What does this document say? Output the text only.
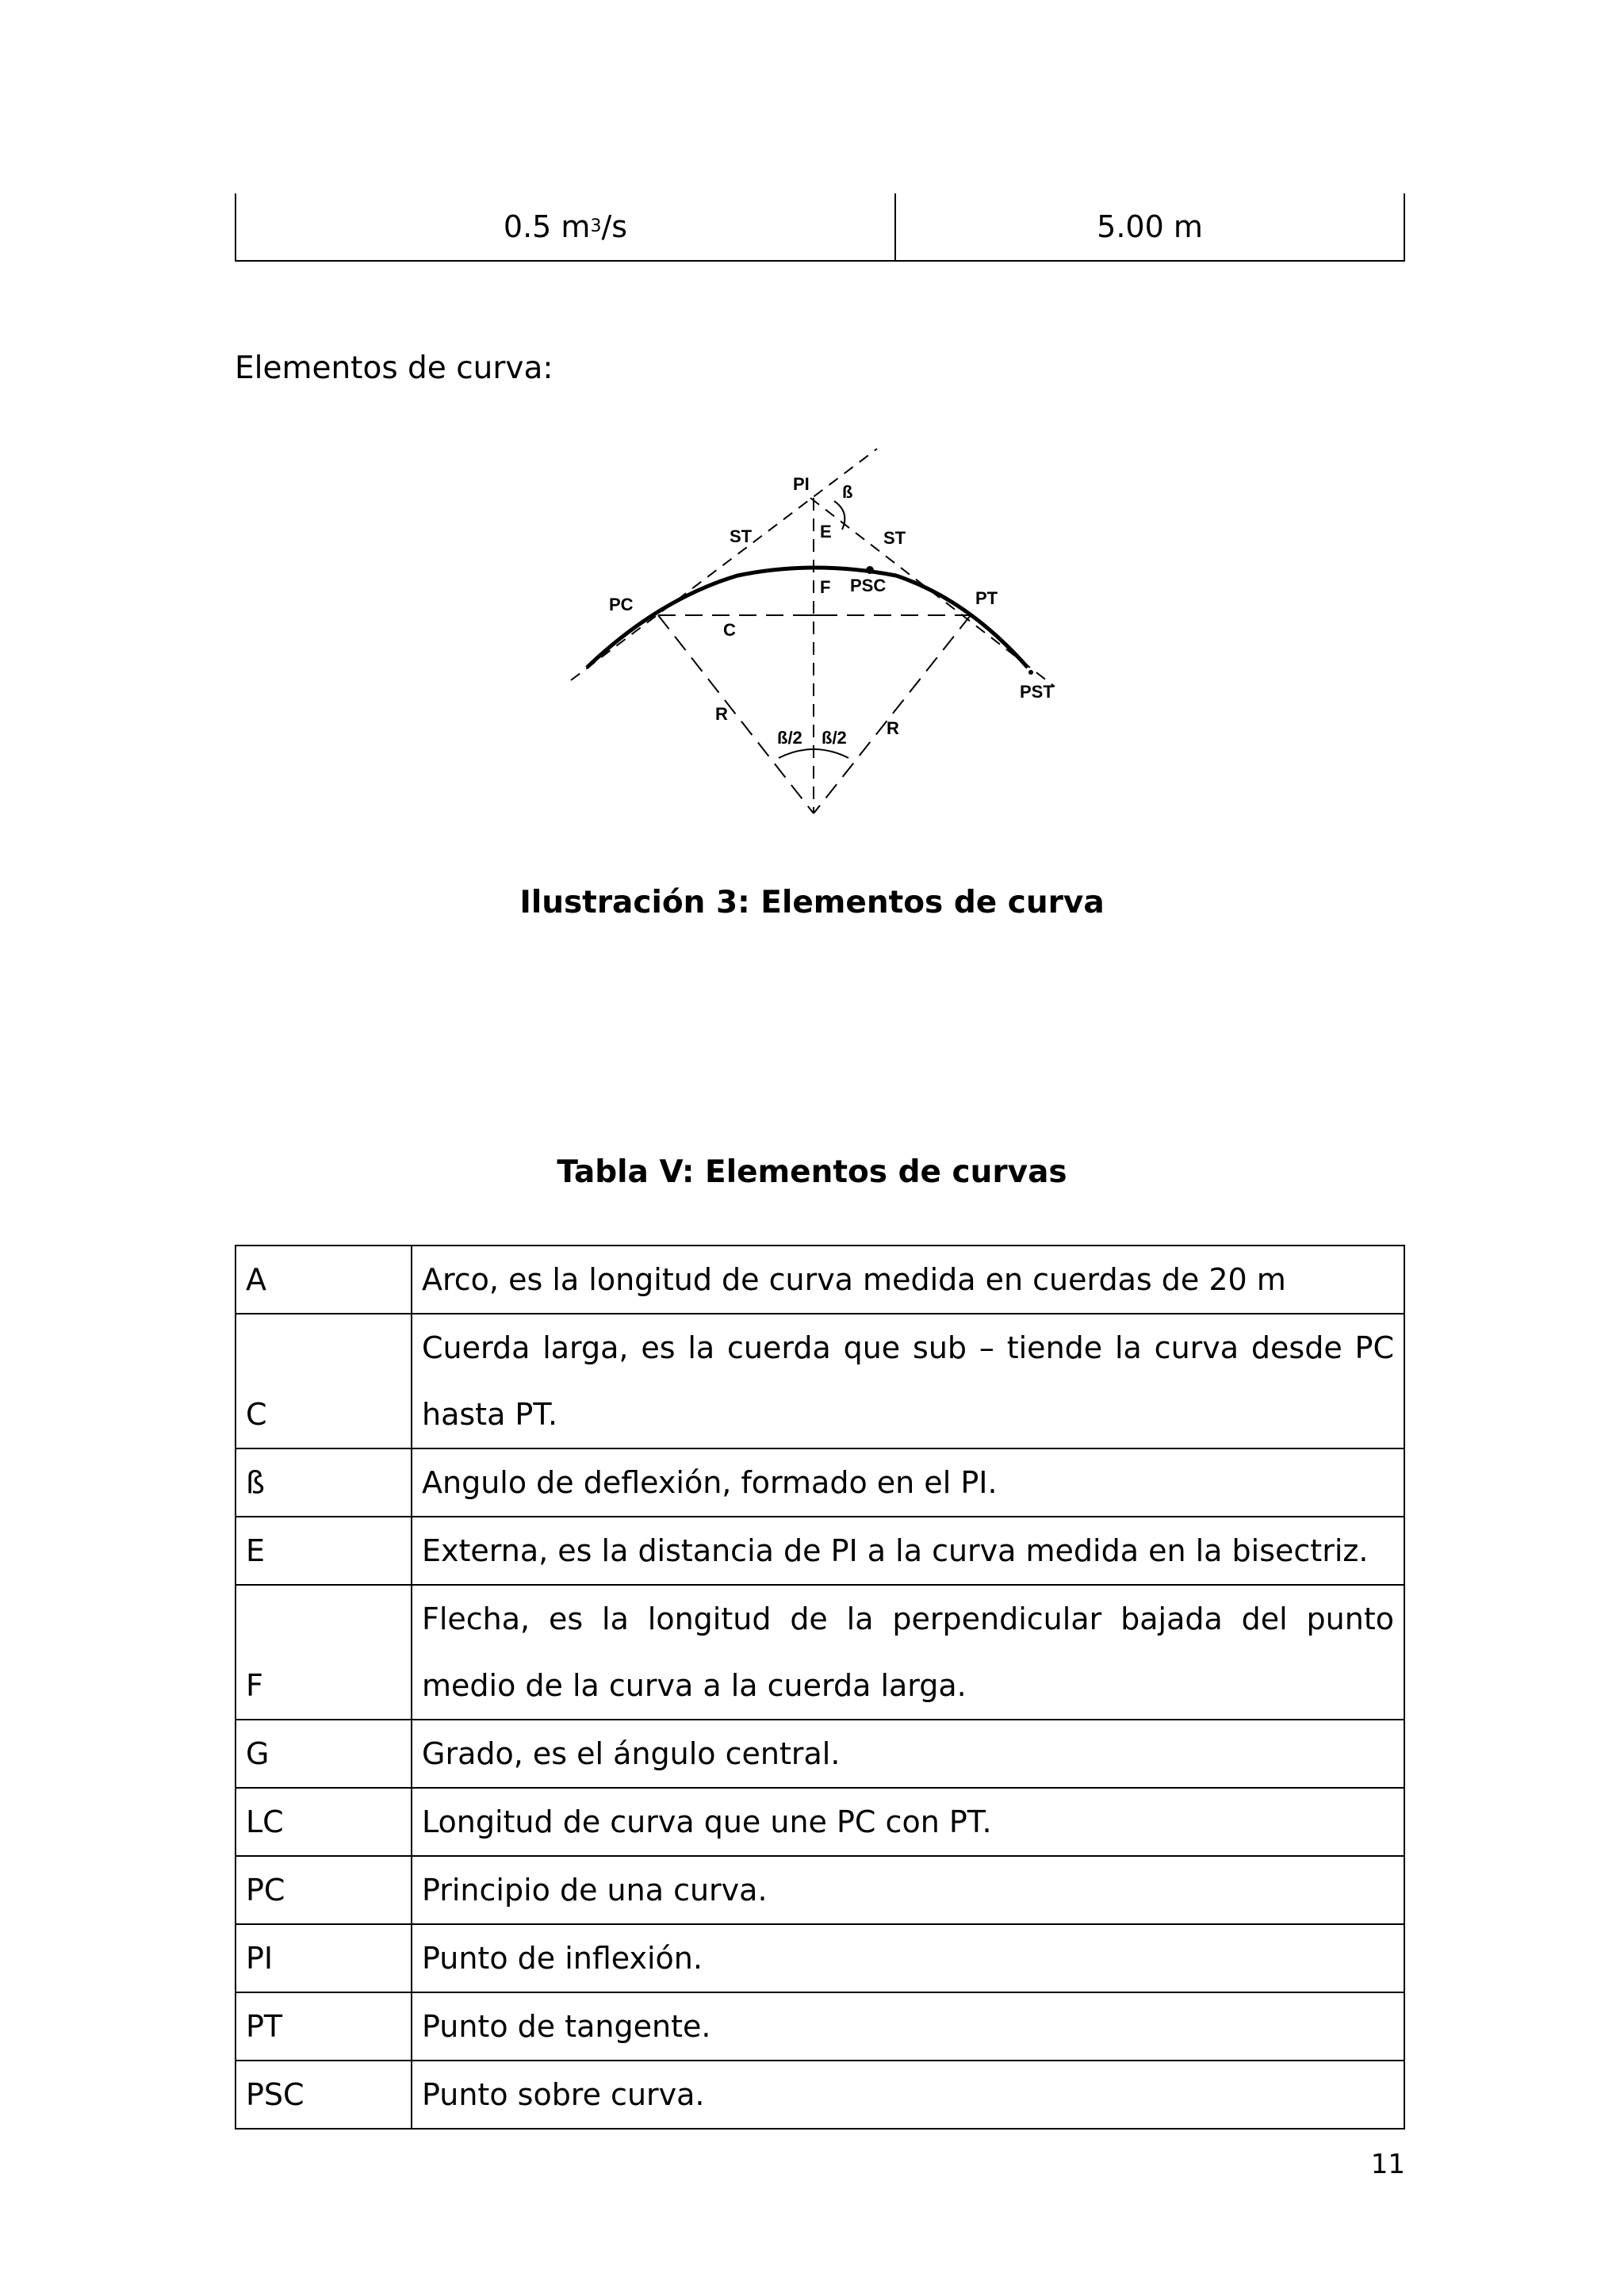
0.5 m 3 /s	5.00 m
Elementos de curva:
PI ß
ST	E	ST
F PSC
PC	PT
C
PST
R
R
ß/2 ß/2
Ilustración 3: Elementos de curva
Tabla V: Elementos de curvas
A	Arco, es la longitud de curva medida en cuerdas de 20 m
C	Cuerda larga, es la cuerda que sub – tiende la curva desde PC hasta PT.
ß	Angulo de deflexión, formado en el PI.
E	Externa, es la distancia de PI a la curva medida en la bisectriz.
F	Flecha, es la longitud de la perpendicular bajada del punto medio de la curva a la cuerda larga.
G	Grado, es el ángulo central.
LC	Longitud de curva que une PC con PT.
PC	Principio de una curva.
PI	Punto de inflexión.
PT	Punto de tangente.
PSC	Punto sobre curva.
11
